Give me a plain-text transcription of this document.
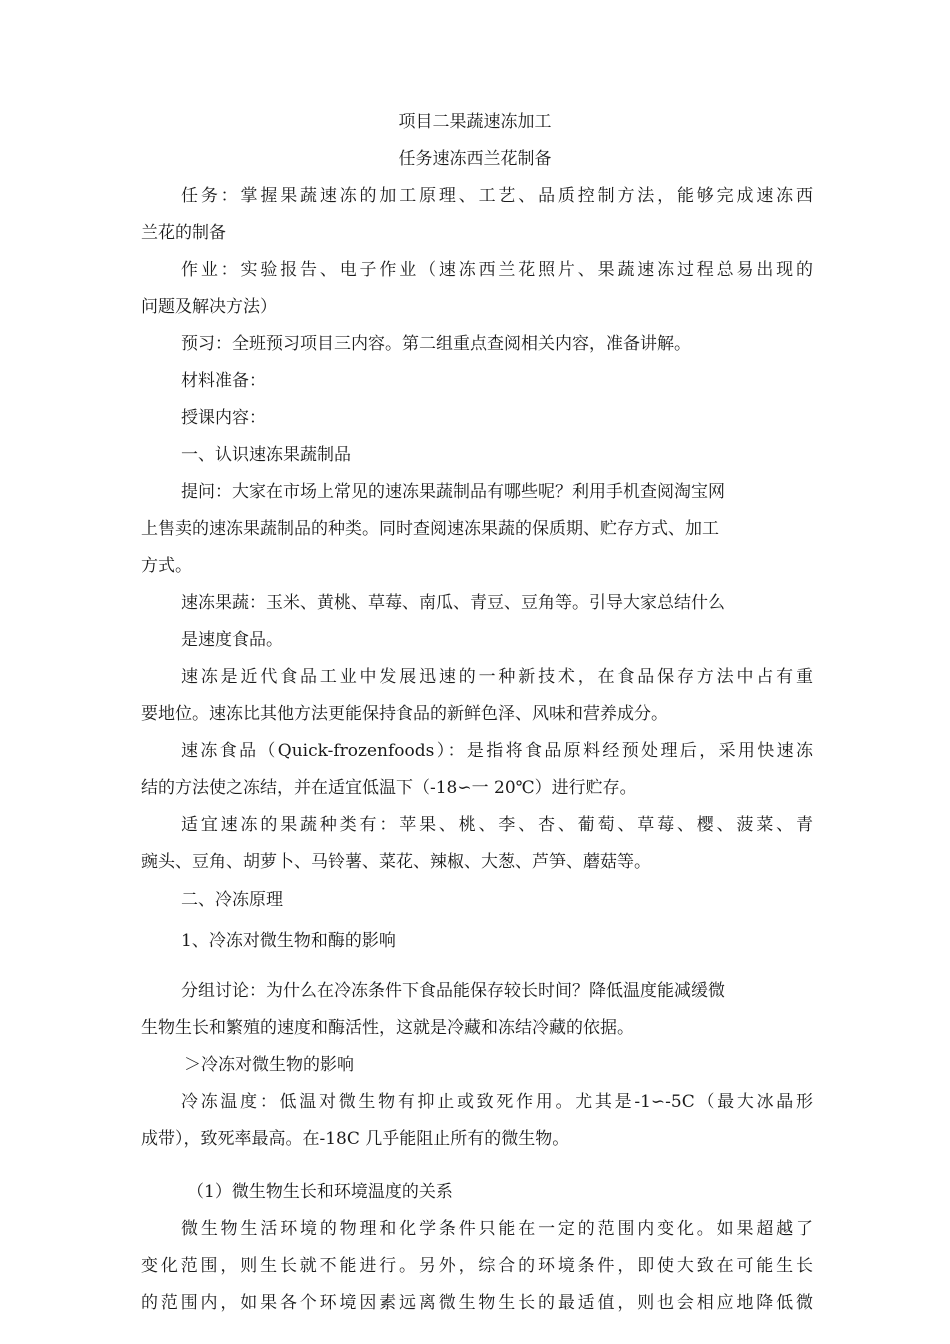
项目二果蔬速冻加工
任务速冻西兰花制备
任务：掌握果蔬速冻的加工原理、工艺、品质控制方法，能够完成速冻西
兰花的制备
作业：实验报告、电子作业（速冻西兰花照片、果蔬速冻过程总易出现的
问题及解决方法）
预习：全班预习项目三内容。第二组重点查阅相关内容，准备讲解。
材料准备：
授课内容：
一、认识速冻果蔬制品
提问：大家在市场上常见的速冻果蔬制品有哪些呢？利用手机查阅淘宝网
上售卖的速冻果蔬制品的种类。同时查阅速冻果蔬的保质期、贮存方式、加工
方式。
速冻果蔬：玉米、黄桃、草莓、南瓜、青豆、豆角等。引导大家总结什么
是速度食品。
速冻是近代食品工业中发展迅速的一种新技术，在食品保存方法中占有重
要地位。速冻比其他方法更能保持食品的新鲜色泽、风味和营养成分。
速冻食品（Quick-frozenfoods）：是指将食品原料经预处理后，采用快速冻
结的方法使之冻结，并在适宜低温下（-18∽一 20℃）进行贮存。
适宜速冻的果蔬种类有：苹果、桃、李、杏、葡萄、草莓、樱、菠菜、青
豌头、豆角、胡萝卜、马铃薯、菜花、辣椒、大葱、芦笋、蘑菇等。
二、冷冻原理
1、冷冻对微生物和酶的影响
分组讨论：为什么在冷冻条件下食品能保存较长时间？降低温度能减缓微
生物生长和繁殖的速度和酶活性，这就是冷藏和冻结冷藏的依据。
＞冷冻对微生物的影响
冷冻温度：低温对微生物有抑止或致死作用。尤其是-1∽-5C（最大冰晶形
成带），致死率最高。在-18C 几乎能阻止所有的微生物。
（1）微生物生长和环境温度的关系
微生物生活环境的物理和化学条件只能在一定的范围内变化。如果超越了
变化范围，则生长就不能进行。另外，综合的环境条件，即使大致在可能生长
的范围内，如果各个环境因素远离微生物生长的最适值，则也会相应地降低微
